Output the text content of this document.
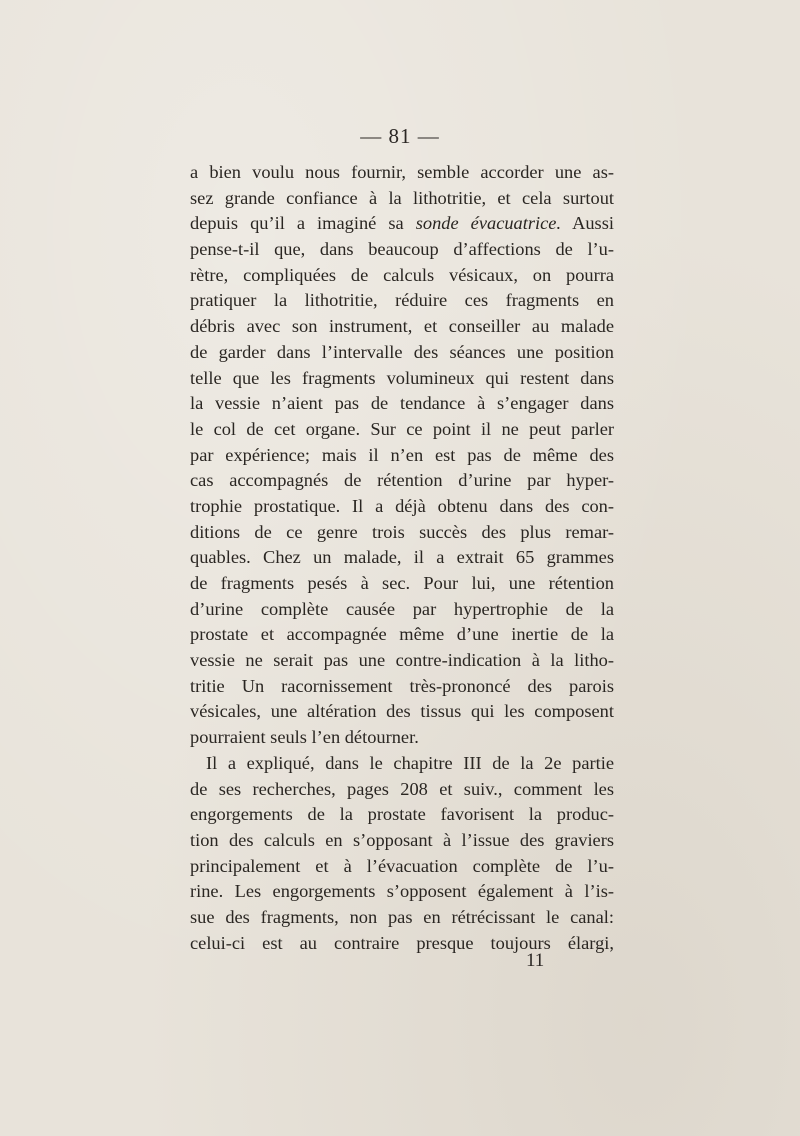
— 81 —
a bien voulu nous fournir, semble accorder une as-
sez grande confiance à la lithotritie, et cela surtout
depuis qu’il a imaginé sa sonde évacuatrice. Aussi
pense-t-il que, dans beaucoup d’affections de l’u-
rètre, compliquées de calculs vésicaux, on pourra
pratiquer la lithotritie, réduire ces fragments en
débris avec son instrument, et conseiller au malade
de garder dans l’intervalle des séances une position
telle que les fragments volumineux qui restent dans
la vessie n’aient pas de tendance à s’engager dans
le col de cet organe. Sur ce point il ne peut parler
par expérience; mais il n’en est pas de même des
cas accompagnés de rétention d’urine par hyper-
trophie prostatique. Il a déjà obtenu dans des con-
ditions de ce genre trois succès des plus remar-
quables. Chez un malade, il a extrait 65 grammes
de fragments pesés à sec. Pour lui, une rétention
d’urine complète causée par hypertrophie de la
prostate et accompagnée même d’une inertie de la
vessie ne serait pas une contre-indication à la litho-
tritie Un racornissement très-prononcé des parois
vésicales, une altération des tissus qui les composent
pourraient seuls l’en détourner.
Il a expliqué, dans le chapitre III de la 2e partie
de ses recherches, pages 208 et suiv., comment les
engorgements de la prostate favorisent la produc-
tion des calculs en s’opposant à l’issue des graviers
principalement et à l’évacuation complète de l’u-
rine. Les engorgements s’opposent également à l’is-
sue des fragments, non pas en rétrécissant le canal:
celui-ci est au contraire presque toujours élargi,
11
